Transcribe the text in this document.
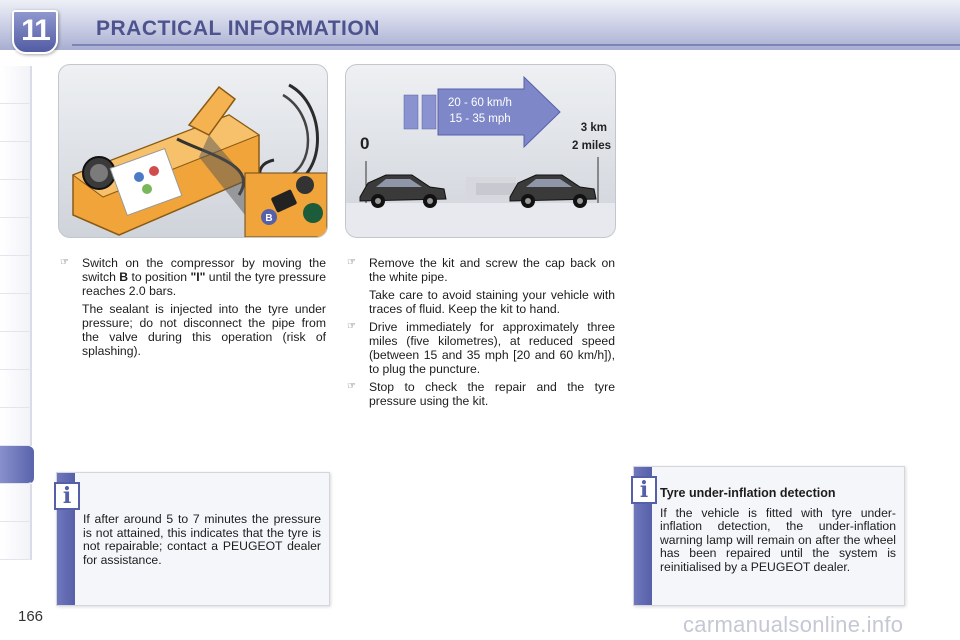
11	PRACTICAL INFORMATION
B
20 - 60 km/h
15 - 35 mph
0
3 km
2 miles
☞ Switch on the compressor by moving the switch B to position "I" until the tyre pressure reaches 2.0 bars.

The sealant is injected into the tyre under pressure; do not disconnect the pipe from the valve during this operation (risk of splashing).

☞ Remove the kit and screw the cap back on the white pipe.

Take care to avoid staining your vehicle with traces of fluid. Keep the kit to hand.

☞ Drive immediately for approximately three miles (five kilometres), at reduced speed (between 15 and 35 mph [20 and 60 km/h]), to plug the puncture.

☞ Stop to check the repair and the tyre pressure using the kit.

i
If after around 5 to 7 minutes the pressure is not attained, this indicates that the tyre is not repairable; contact a PEUGEOT dealer for assistance.
i Tyre under-inflation detection
If the vehicle is fitted with tyre under-inflation detection, the under-inflation warning lamp will remain on after the wheel has been repaired until the system is reinitialised by a PEUGEOT dealer.
166	carmanualsonline.info
